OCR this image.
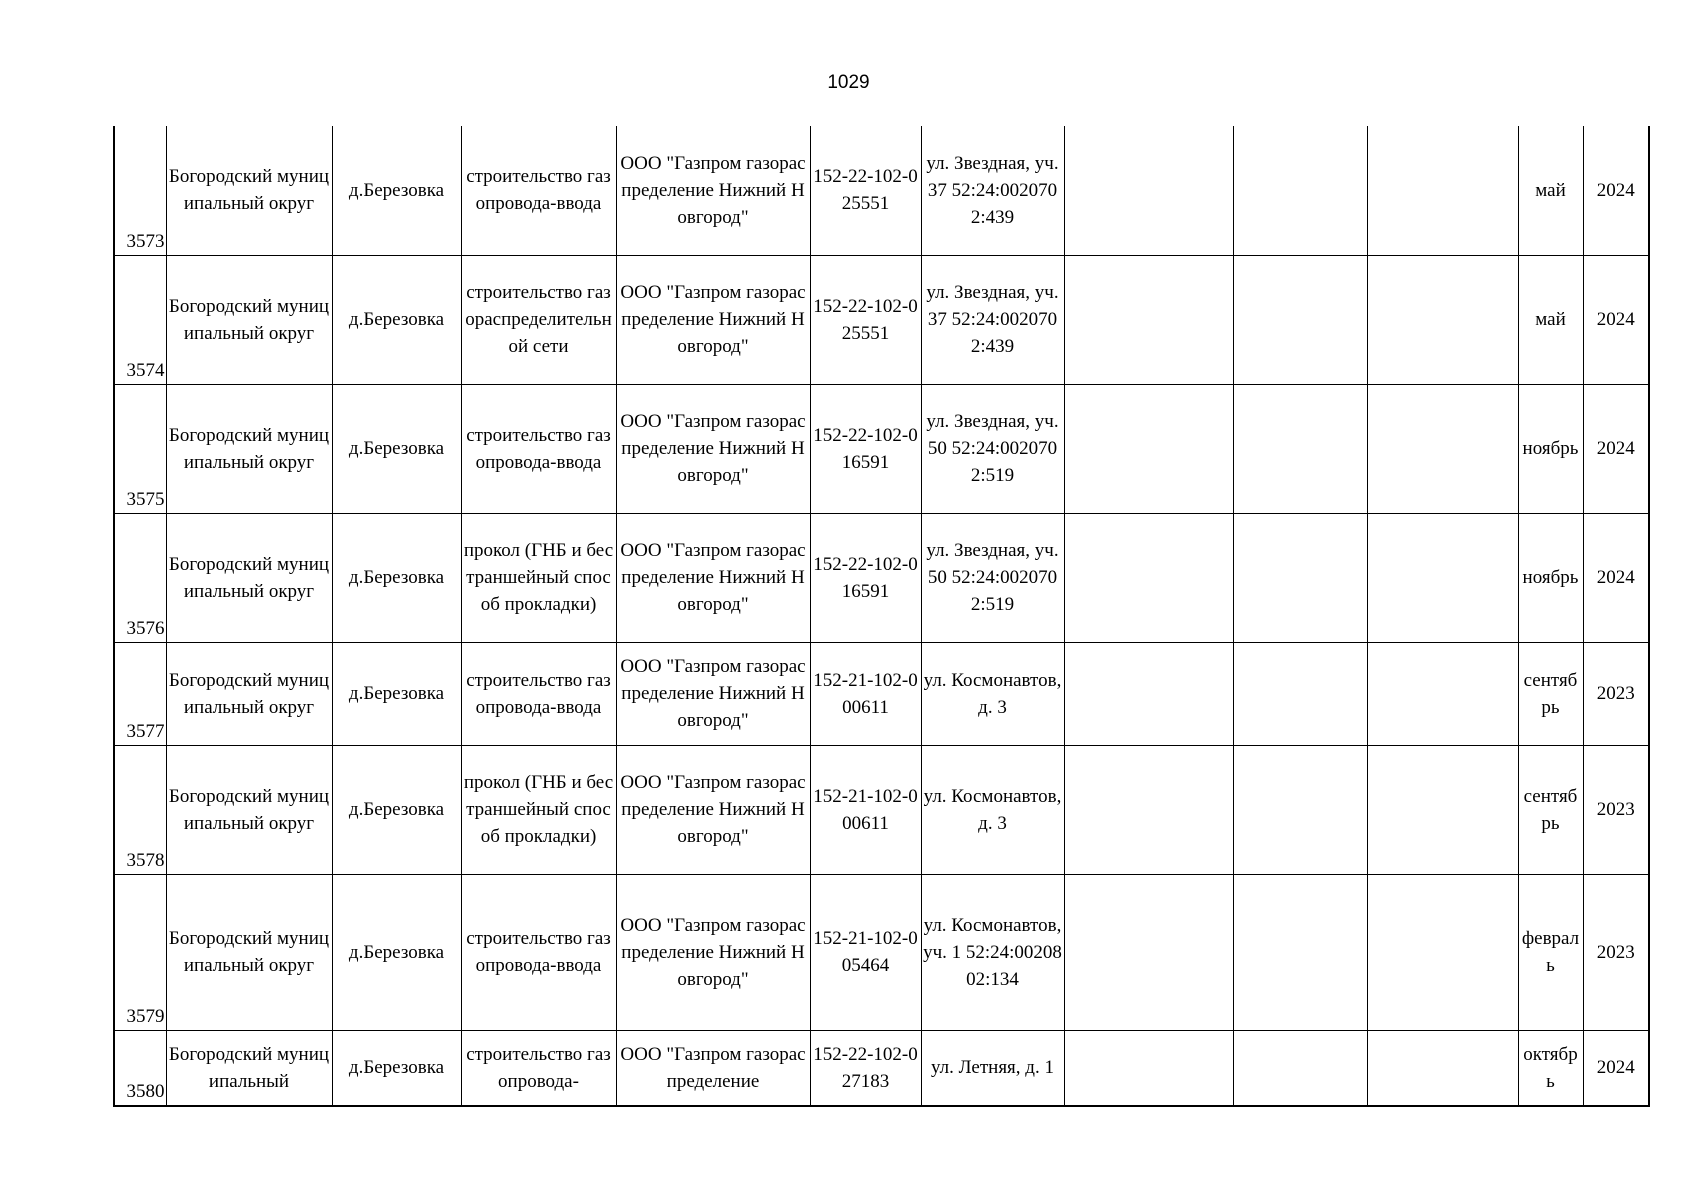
1029
3573	Богородский муниципальный округ	д.Березовка	строительство газопровода-ввода	ООО "Газпром газораспределение Нижний Новгород"	152-22-102-025551	ул. Звездная, уч. 37 52:24:0020702:439				май	2024
3574	Богородский муниципальный округ	д.Березовка	строительство газораспределительной сети	ООО "Газпром газораспределение Нижний Новгород"	152-22-102-025551	ул. Звездная, уч. 37 52:24:0020702:439				май	2024
3575	Богородский муниципальный округ	д.Березовка	строительство газопровода-ввода	ООО "Газпром газораспределение Нижний Новгород"	152-22-102-016591	ул. Звездная, уч. 50 52:24:0020702:519				ноябрь	2024
3576	Богородский муниципальный округ	д.Березовка	прокол (ГНБ и бестраншейный способ прокладки)	ООО "Газпром газораспределение Нижний Новгород"	152-22-102-016591	ул. Звездная, уч. 50 52:24:0020702:519				ноябрь	2024
3577	Богородский муниципальный округ	д.Березовка	строительство газопровода-ввода	ООО "Газпром газораспределение Нижний Новгород"	152-21-102-000611	ул. Космонавтов, д. 3				сентябрь	2023
3578	Богородский муниципальный округ	д.Березовка	прокол (ГНБ и бестраншейный способ прокладки)	ООО "Газпром газораспределение Нижний Новгород"	152-21-102-000611	ул. Космонавтов, д. 3				сентябрь	2023
3579	Богородский муниципальный округ	д.Березовка	строительство газопровода-ввода	ООО "Газпром газораспределение Нижний Новгород"	152-21-102-005464	ул. Космонавтов, уч. 1 52:24:0020802:134				февраль	2023
3580	Богородский муниципальный	д.Березовка	строительство газопровода-	ООО "Газпром газораспределение	152-22-102-027183	ул. Летняя, д. 1				октябрь	2024
